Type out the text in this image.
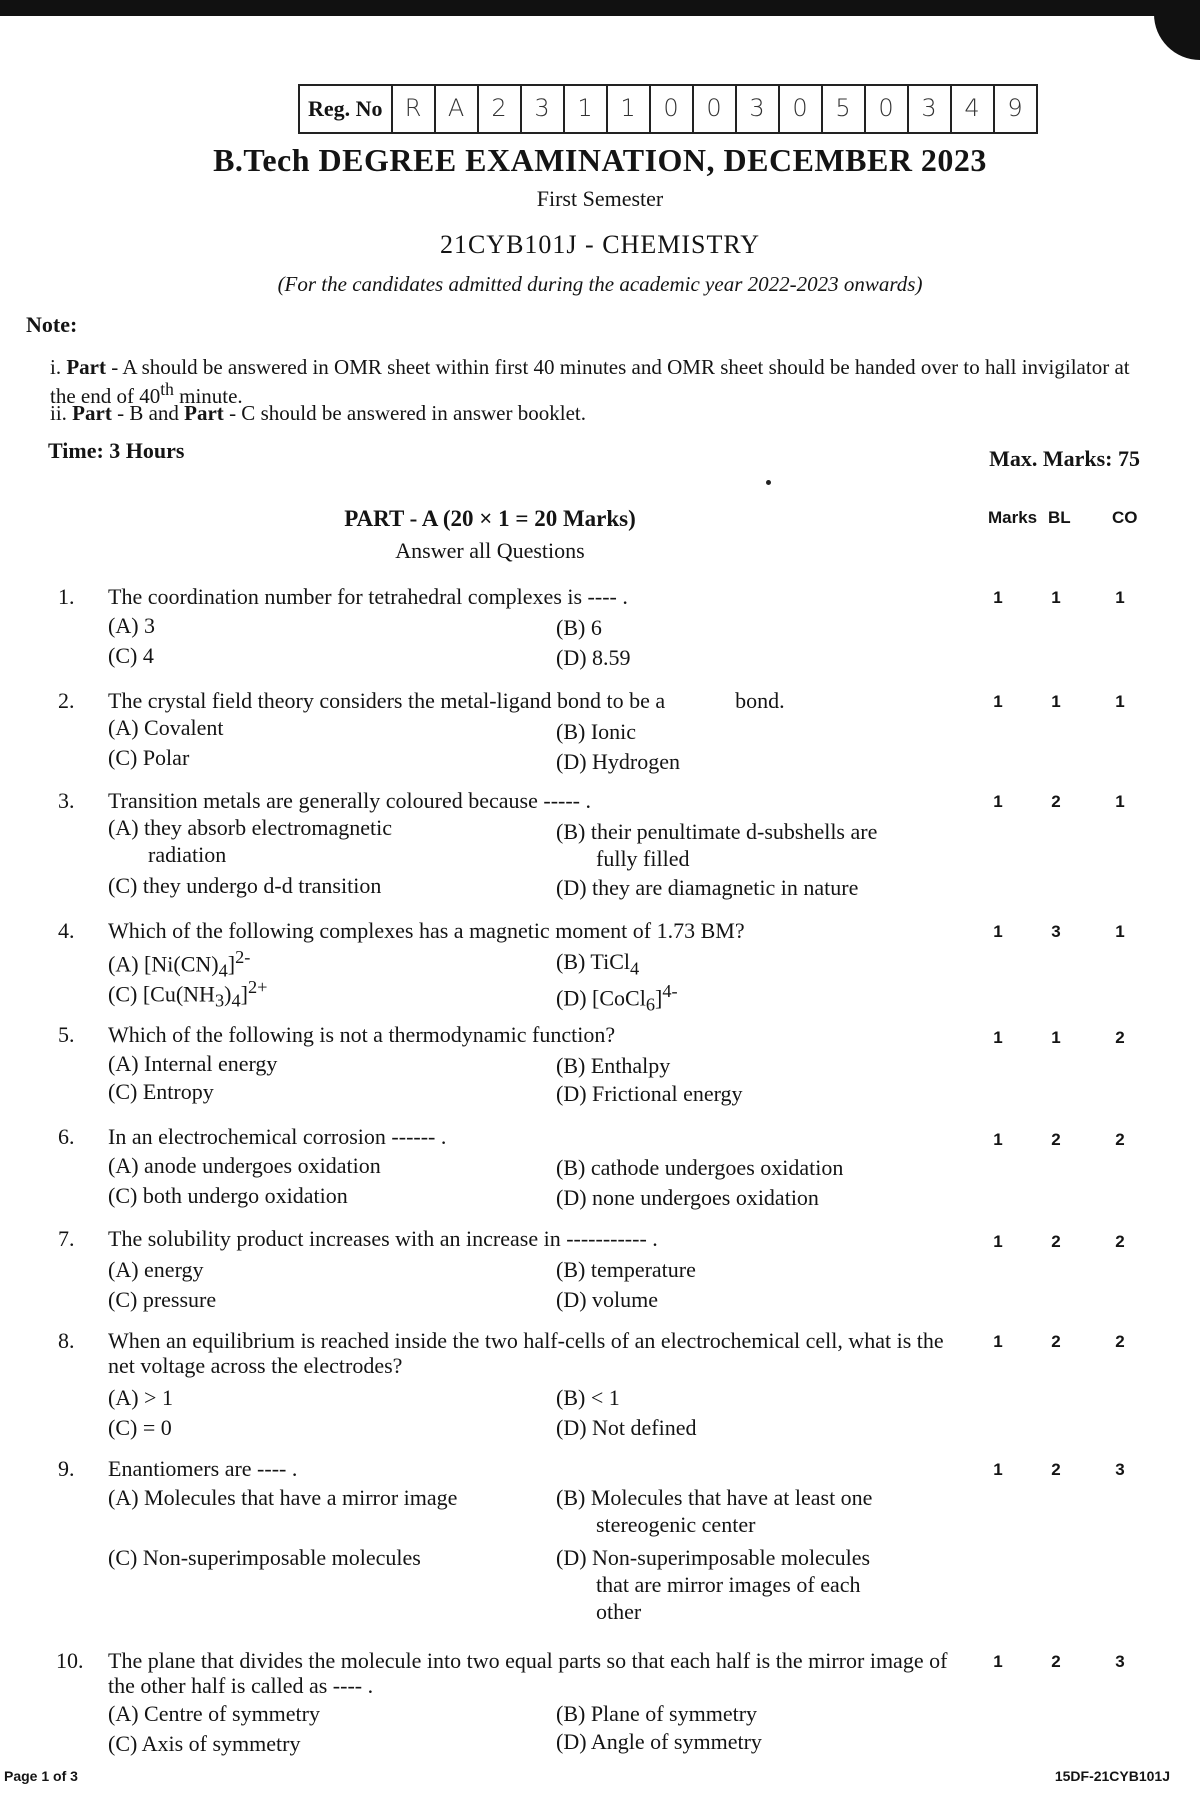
Reg. No R	A	2	3	1	1	0	0	3	0	5	0	3	4	9
B.Tech DEGREE EXAMINATION, DECEMBER 2023
First Semester
21CYB101J - CHEMISTRY
(For the candidates admitted during the academic year 2022-2023 onwards)
Note:
i. Part - A should be answered in OMR sheet within first 40 minutes and OMR sheet should be handed over to hall invigilator at the end of 40th minute.
ii. Part - B and Part - C should be answered in answer booklet.
Time: 3 Hours	Max. Marks: 75
PART - A (20 × 1 = 20 Marks)
Answer all Questions
Marks BL CO
1. The coordination number for tetrahedral complexes is ---- .
(A) 3	(B) 6
(C) 4	(D) 8.59
1	1	1
2. The crystal field theory considers the metal-ligand bond to be a	bond.
(A) Covalent	(B) Ionic
(C) Polar	(D) Hydrogen
1	1	1
3. Transition metals are generally coloured because ----- .
(A) they absorb electromagnetic
radiation
(B) their penultimate d-subshells are
fully filled
(C) they undergo d-d transition	(D) they are diamagnetic in nature
1	2	1
4. Which of the following complexes has a magnetic moment of 1.73 BM?
(A) $[Ni(CN)_4]^{2-}$	(B) TiCl$_4$
(C) $[Cu(NH_3)_4]^{2+}$	(D) [CoCl$_6$]$^{4-}$
1	3	1
5. Which of the following is not a thermodynamic function?
(A) Internal energy	(B) Enthalpy
(C) Entropy	(D) Frictional energy
1	1	2
6. In an electrochemical corrosion ------ .
(A) anode undergoes oxidation	(B) cathode undergoes oxidation
(C) both undergo oxidation	(D) none undergoes oxidation
1	2	2
7. The solubility product increases with an increase in ----------- .
(A) energy	(B) temperature
(C) pressure	(D) volume
1	2	2
8. When an equilibrium is reached inside the two half-cells of an electrochemical cell, what is the net voltage across the electrodes?
(A) > 1	(B) < 1
(C) = 0	(D) Not defined
1	2	2
9. Enantiomers are ---- .
(A) Molecules that have a mirror image	(B) Molecules that have at least one
stereogenic center
(C) Non-superimposable molecules	(D) Non-superimposable molecules
that are mirror images of each
other
1	2	3
10. The plane that divides the molecule into two equal parts so that each half is the mirror image of the other half is called as ---- .
(A) Centre of symmetry	(B) Plane of symmetry
(C) Axis of symmetry	(D) Angle of symmetry
1	2	3
Page 1 of 3	15DF-21CYB101J
